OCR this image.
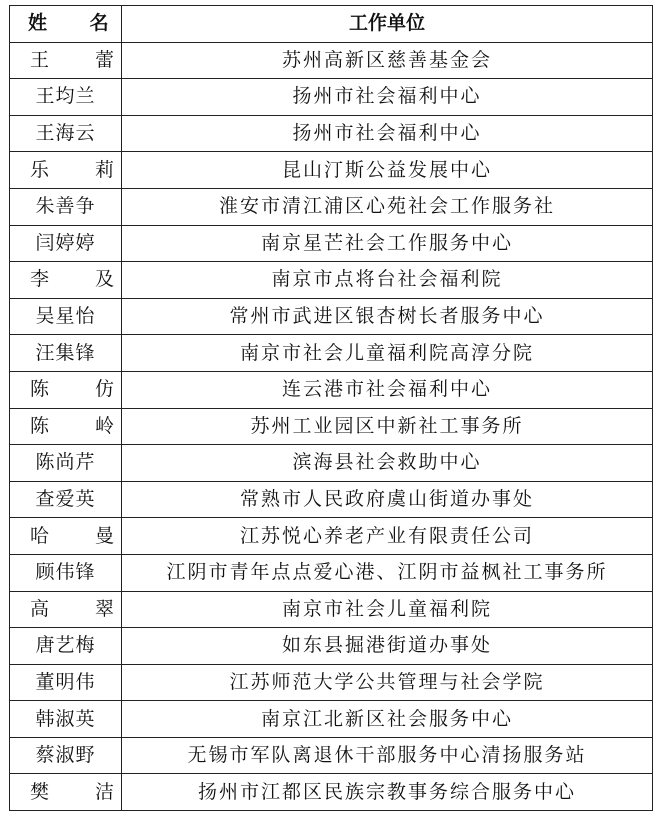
姓 名	工作单位
王 蕾	苏州高新区慈善基金会
王均兰	扬州市社会福利中心
王海云	扬州市社会福利中心
乐 莉	昆山汀斯公益发展中心
朱善争	淮安市清江浦区心苑社会工作服务社
闫婷婷	南京星芒社会工作服务中心
李 及	南京市点将台社会福利院
吴星怡	常州市武进区银杏树长者服务中心
汪集锋	南京市社会儿童福利院高淳分院
陈 仿	连云港市社会福利中心
陈 岭	苏州工业园区中新社工事务所
陈尚芹	滨海县社会救助中心
查爱英	常熟市人民政府虞山街道办事处
哈 曼	江苏悦心养老产业有限责任公司
顾伟锋	江阴市青年点点爱心港、江阴市益枫社工事务所
高 翠	南京市社会儿童福利院
唐艺梅	如东县掘港街道办事处
董明伟	江苏师范大学公共管理与社会学院
韩淑英	南京江北新区社会服务中心
蔡淑野	无锡市军队离退休干部服务中心清扬服务站
樊 洁	扬州市江都区民族宗教事务综合服务中心
